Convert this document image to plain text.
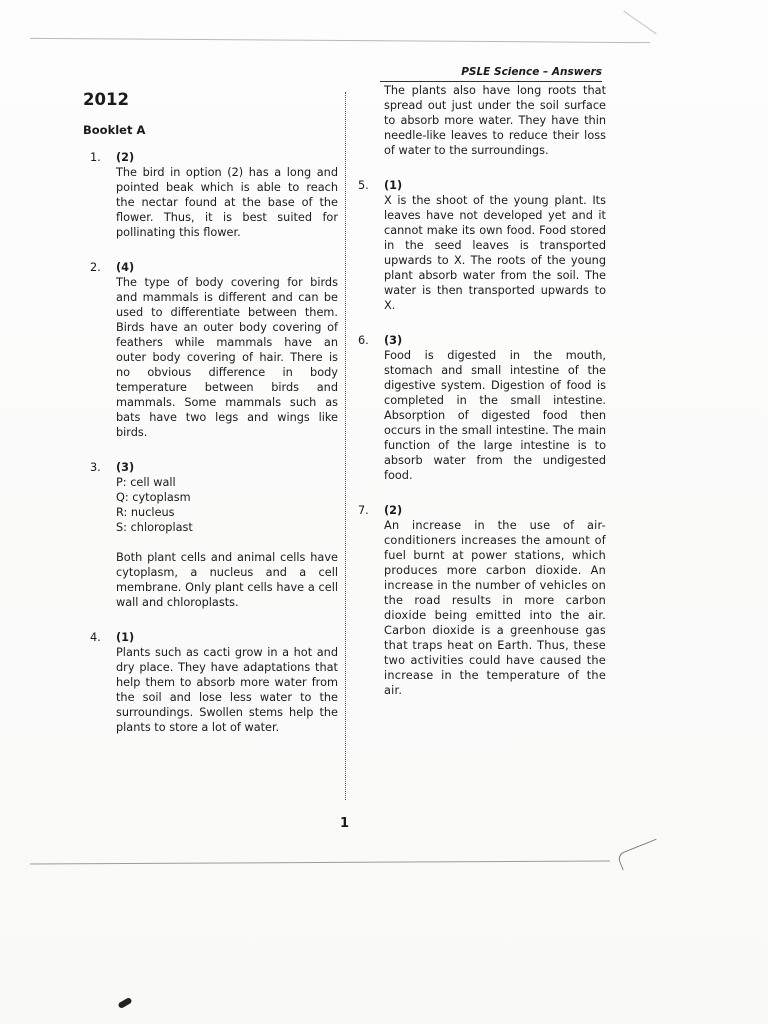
PSLE Science – Answers
2012
Booklet A
1.	(2)
The bird in option (2) has a long and pointed beak which is able to reach the nectar found at the base of the flower. Thus, it is best suited for pollinating this flower.
2.	(4)
The type of body covering for birds and mammals is different and can be used to differentiate between them. Birds have an outer body covering of feathers while mammals have an outer body covering of hair. There is no obvious difference in body temperature between birds and mammals. Some mammals such as bats have two legs and wings like birds.
3.	(3)
P: cell wall
Q: cytoplasm
R: nucleus
S: chloroplast
Both plant cells and animal cells have cytoplasm, a nucleus and a cell membrane. Only plant cells have a cell wall and chloroplasts.
4.	(1)
Plants such as cacti grow in a hot and dry place. They have adaptations that help them to absorb more water from the soil and lose less water to the surroundings. Swollen stems help the plants to store a lot of water.
The plants also have long roots that spread out just under the soil surface to absorb more water. They have thin needle-like leaves to reduce their loss of water to the surroundings.
5.	(1)
X is the shoot of the young plant. Its leaves have not developed yet and it cannot make its own food. Food stored in the seed leaves is transported upwards to X. The roots of the young plant absorb water from the soil. The water is then transported upwards to X.
6.	(3)
Food is digested in the mouth, stomach and small intestine of the digestive system. Digestion of food is completed in the small intestine. Absorption of digested food then occurs in the small intestine. The main function of the large intestine is to absorb water from the undigested food.
7.	(2)
An increase in the use of air-conditioners increases the amount of fuel burnt at power stations, which produces more carbon dioxide. An increase in the number of vehicles on the road results in more carbon dioxide being emitted into the air. Carbon dioxide is a greenhouse gas that traps heat on Earth. Thus, these two activities could have caused the increase in the temperature of the air.
1
